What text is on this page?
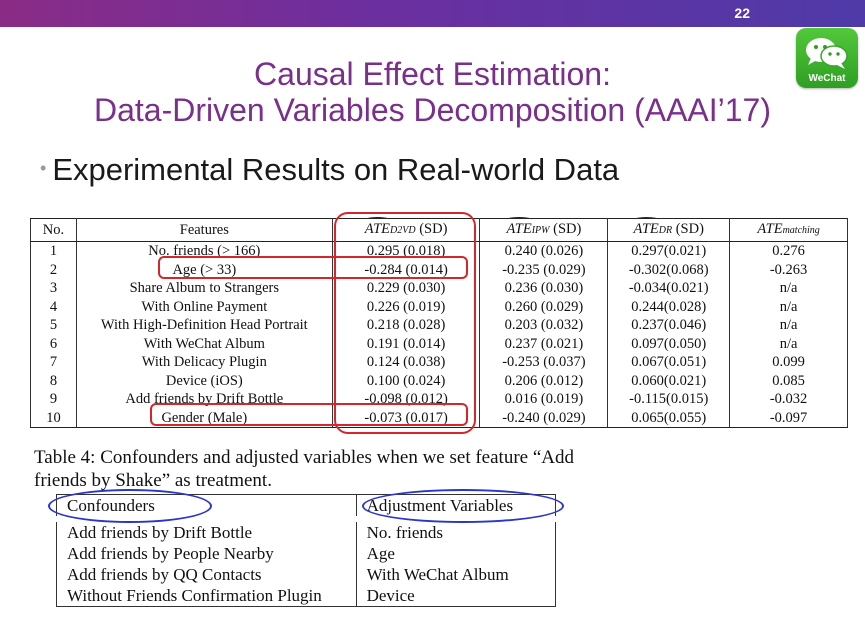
22
WeChat
Causal Effect Estimation:
Data-Driven Variables Decomposition (AAAI’17)
• Experimental Results on Real-world Data
No.	Features	ATED2VD (SD)	ATEIPW (SD)	ATEDR (SD)	ATEmatching
1	No. friends (> 166)	0.295 (0.018)	0.240 (0.026)	0.297(0.021)	0.276
2	Age (> 33)	-0.284 (0.014)	-0.235 (0.029)	-0.302(0.068)	-0.263
3	Share Album to Strangers	0.229 (0.030)	0.236 (0.030)	-0.034(0.021)	n/a
4	With Online Payment	0.226 (0.019)	0.260 (0.029)	0.244(0.028)	n/a
5	With High-Definition Head Portrait	0.218 (0.028)	0.203 (0.032)	0.237(0.046)	n/a
6	With WeChat Album	0.191 (0.014)	0.237 (0.021)	0.097(0.050)	n/a
7	With Delicacy Plugin	0.124 (0.038)	-0.253 (0.037)	0.067(0.051)	0.099
8	Device (iOS)	0.100 (0.024)	0.206 (0.012)	0.060(0.021)	0.085
9	Add friends by Drift Bottle	-0.098 (0.012)	0.016 (0.019)	-0.115(0.015)	-0.032
10	Gender (Male)	-0.073 (0.017)	-0.240 (0.029)	0.065(0.055)	-0.097
Table 4: Confounders and adjusted variables when we set feature “Add friends by Shake” as treatment.
Confounders	Adjustment Variables
Add friends by Drift Bottle	No. friends
Add friends by People Nearby	Age
Add friends by QQ Contacts	With WeChat Album
Without Friends Confirmation Plugin	Device
